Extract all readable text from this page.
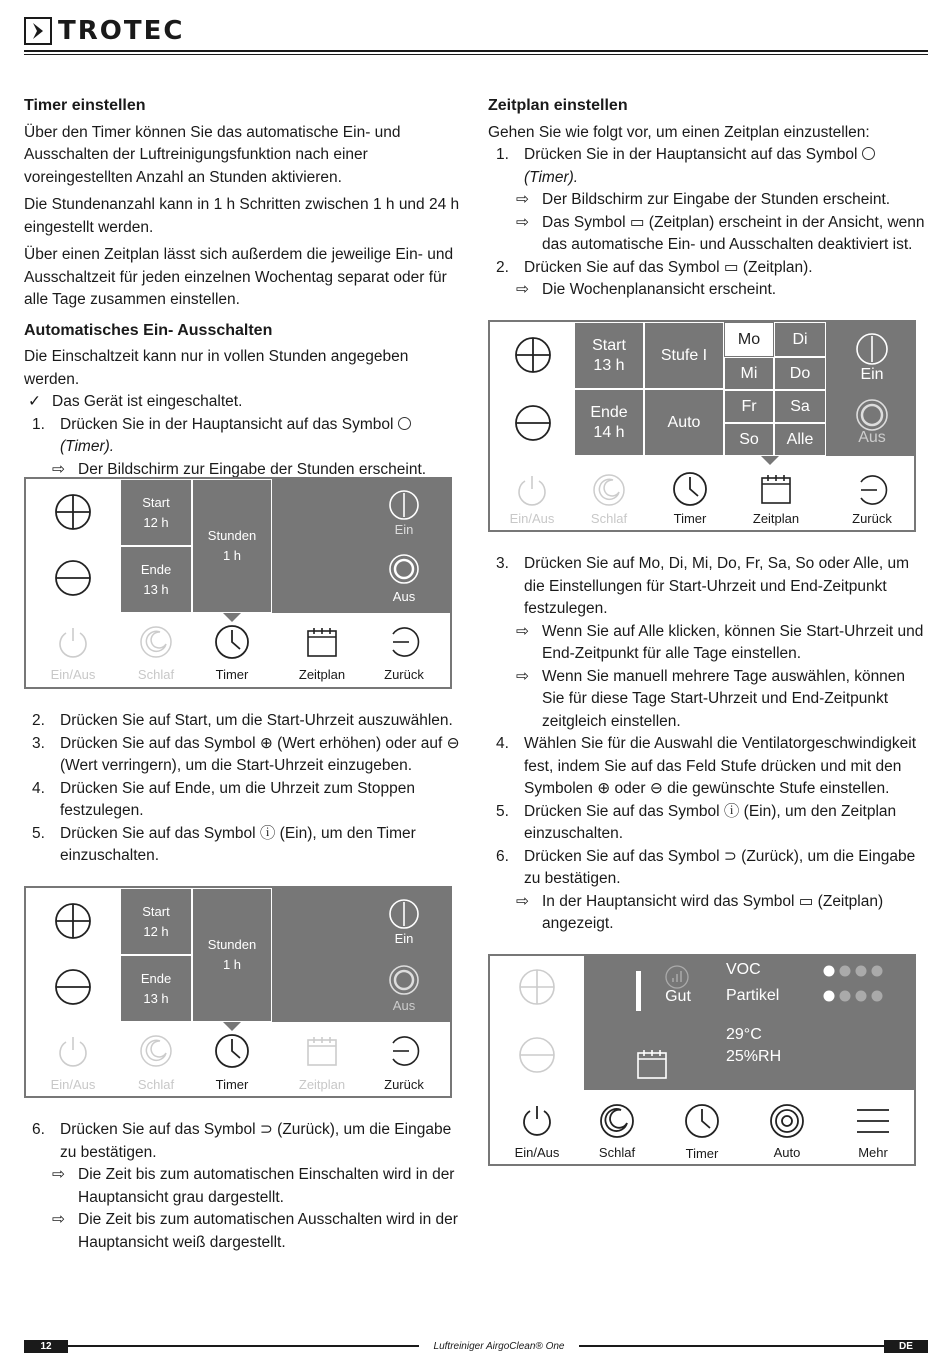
TROTEC
Timer einstellen
Über den Timer können Sie das automatische Ein- und Ausschalten der Luftreinigungsfunktion nach einer voreingestellten Anzahl an Stunden aktivieren.
Die Stundenanzahl kann in 1 h Schritten zwischen 1 h und 24 h eingestellt werden.
Über einen Zeitplan lässt sich außerdem die jeweilige Ein- und Ausschaltzeit für jeden einzelnen Wochentag separat oder für alle Tage zusammen einstellen.
Automatisches Ein- Ausschalten
Die Einschaltzeit kann nur in vollen Stunden angegeben werden.
✓ Das Gerät ist eingeschaltet.
1. Drücken Sie in der Hauptansicht auf das Symbol
(Timer).
⇨ Der Bildschirm zur Eingabe der Stunden erscheint.
2. Drücken Sie auf Start, um die Start-Uhrzeit auszuwählen.
3. Drücken Sie auf das Symbol ⊕ (Wert erhöhen) oder auf ⊖ (Wert verringern), um die Start-Uhrzeit einzugeben.
4. Drücken Sie auf Ende, um die Uhrzeit zum Stoppen festzulegen.
5. Drücken Sie auf das Symbol ⓘ (Ein), um den Timer einzuschalten.
6. Drücken Sie auf das Symbol ⊃ (Zurück), um die Eingabe zu bestätigen.
⇨ Die Zeit bis zum automatischen Einschalten wird in der Hauptansicht grau dargestellt.
⇨ Die Zeit bis zum automatischen Ausschalten wird in der Hauptansicht weiß dargestellt.
Zeitplan einstellen
Gehen Sie wie folgt vor, um einen Zeitplan einzustellen:
1. Drücken Sie in der Hauptansicht auf das Symbol
(Timer).
⇨ Der Bildschirm zur Eingabe der Stunden erscheint.
⇨ Das Symbol ▭ (Zeitplan) erscheint in der Ansicht, wenn das automatische Ein- und Ausschalten deaktiviert ist.
2. Drücken Sie auf das Symbol ▭ (Zeitplan).
⇨ Die Wochenplanansicht erscheint.
3. Drücken Sie auf Mo, Di, Mi, Do, Fr, Sa, So oder Alle, um die Einstellungen für Start-Uhrzeit und End-Zeitpunkt festzulegen.
⇨ Wenn Sie auf Alle klicken, können Sie Start-Uhrzeit und End-Zeitpunkt für alle Tage einstellen.
⇨ Wenn Sie manuell mehrere Tage auswählen, können Sie für diese Tage Start-Uhrzeit und End-Zeitpunkt zeitgleich einstellen.
4. Wählen Sie für die Auswahl die Ventilatorgeschwindigkeit fest, indem Sie auf das Feld Stufe drücken und mit den Symbolen ⊕ oder ⊖ die gewünschte Stufe einstellen.
5. Drücken Sie auf das Symbol ⓘ (Ein), um den Zeitplan einzuschalten.
6. Drücken Sie auf das Symbol ⊃ (Zurück), um die Eingabe zu bestätigen.
⇨ In der Hauptansicht wird das Symbol ▭ (Zeitplan) angezeigt.
Start
12 h
Ende
13 h
Stunden
1 h
Ein
Aus
Ein/Aus	Schlaf	Timer	Zeitplan	Zurück
Start
12 h
Ende
13 h
Stunden
1 h
Ein
Aus
Ein/Aus	Schlaf	Timer	Zeitplan	Zurück
Start
13 h
Ende
14 h
Stufe I
Auto
Mo Di
Mi Do
Fr Sa
So Alle
Ein
Aus
Ein/Aus	Schlaf	Timer	Zeitplan	Zurück
Gut
VOC
Partikel
29°C
25%RH
Ein/Aus	Schlaf	Timer	Auto	Mehr
12	Luftreiniger AirgoClean® One	DE
